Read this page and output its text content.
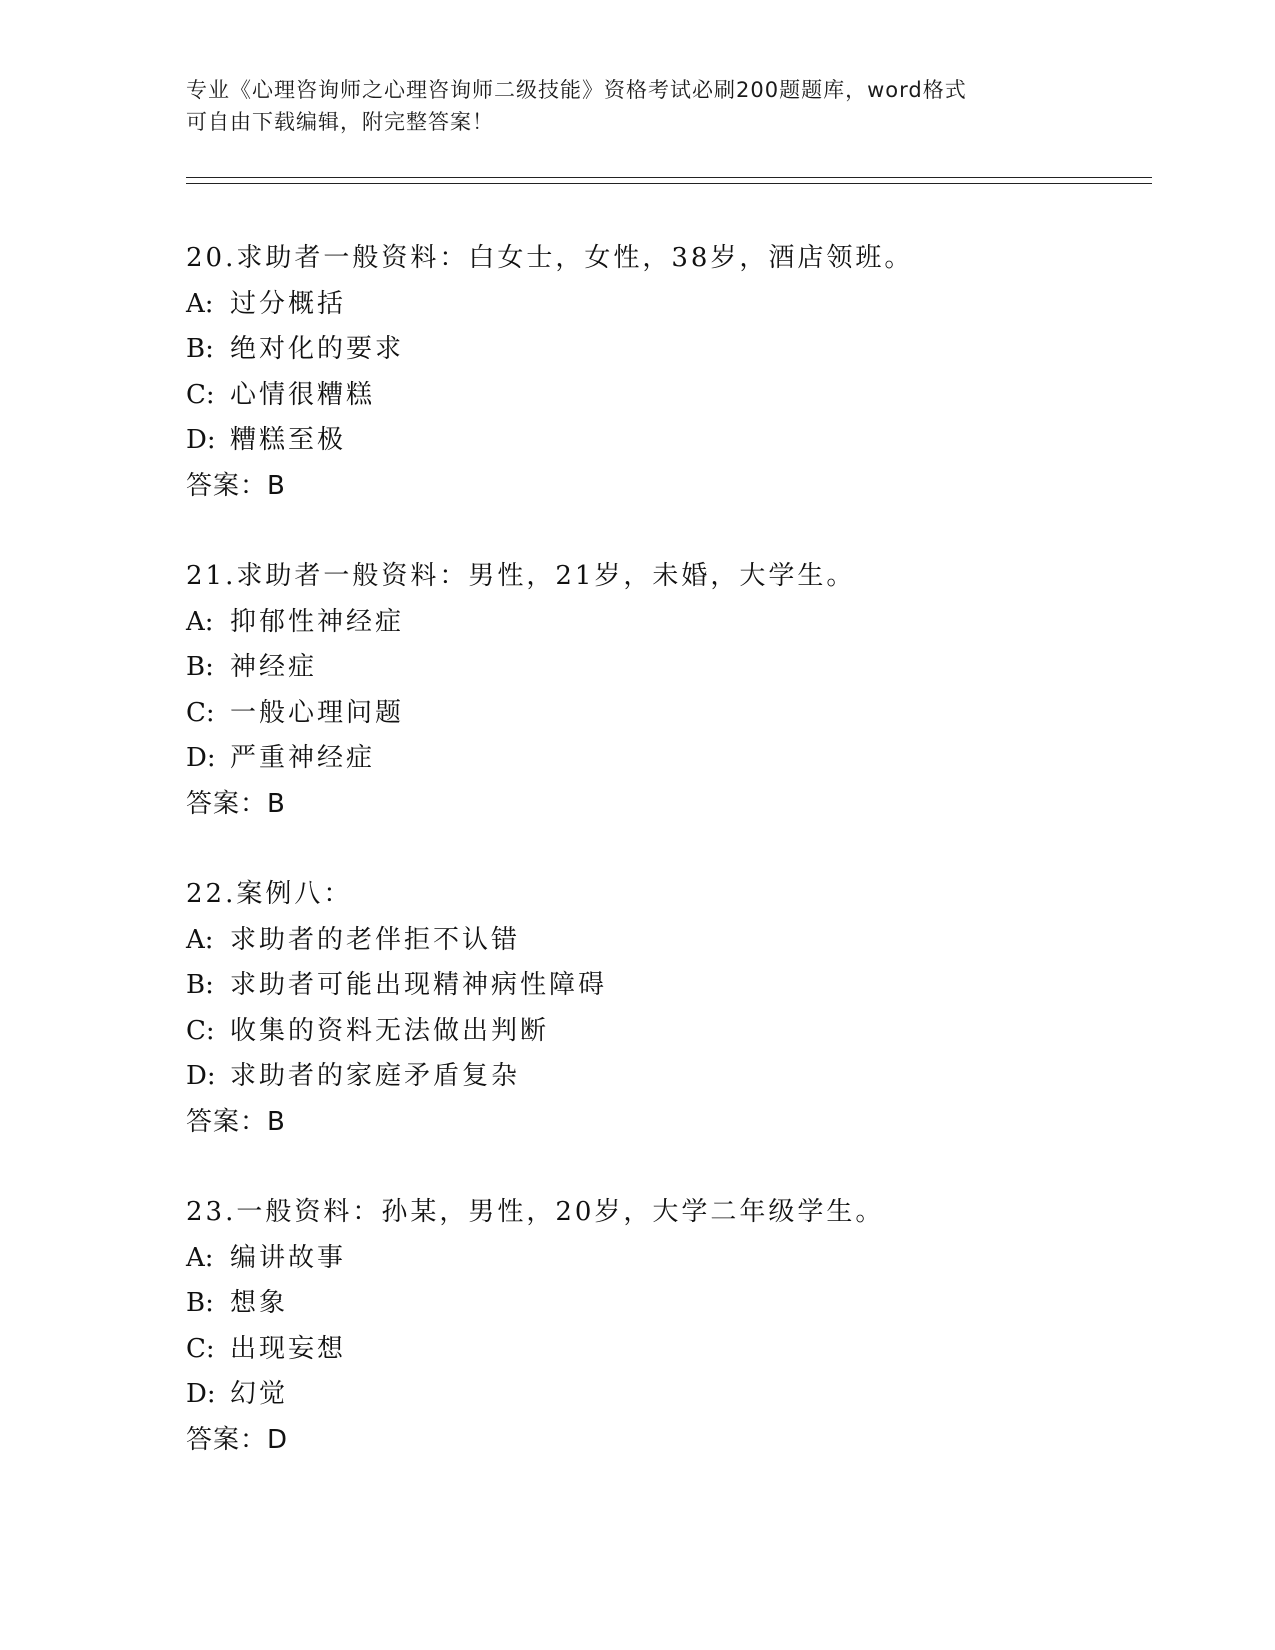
专业《心理咨询师之心理咨询师二级技能》资格考试必刷200题题库，word格式
可自由下载编辑，附完整答案！
20.求助者一般资料：白女士，女性，38岁，酒店领班。
A: 过分概括
B: 绝对化的要求
C: 心情很糟糕
D: 糟糕至极
答案：B
21.求助者一般资料：男性，21岁，未婚，大学生。
A: 抑郁性神经症
B: 神经症
C: 一般心理问题
D: 严重神经症
答案：B
22.案例八：
A: 求助者的老伴拒不认错
B: 求助者可能出现精神病性障碍
C: 收集的资料无法做出判断
D: 求助者的家庭矛盾复杂
答案：B
23.一般资料：孙某，男性，20岁，大学二年级学生。
A: 编讲故事
B: 想象
C: 出现妄想
D: 幻觉
答案：D
